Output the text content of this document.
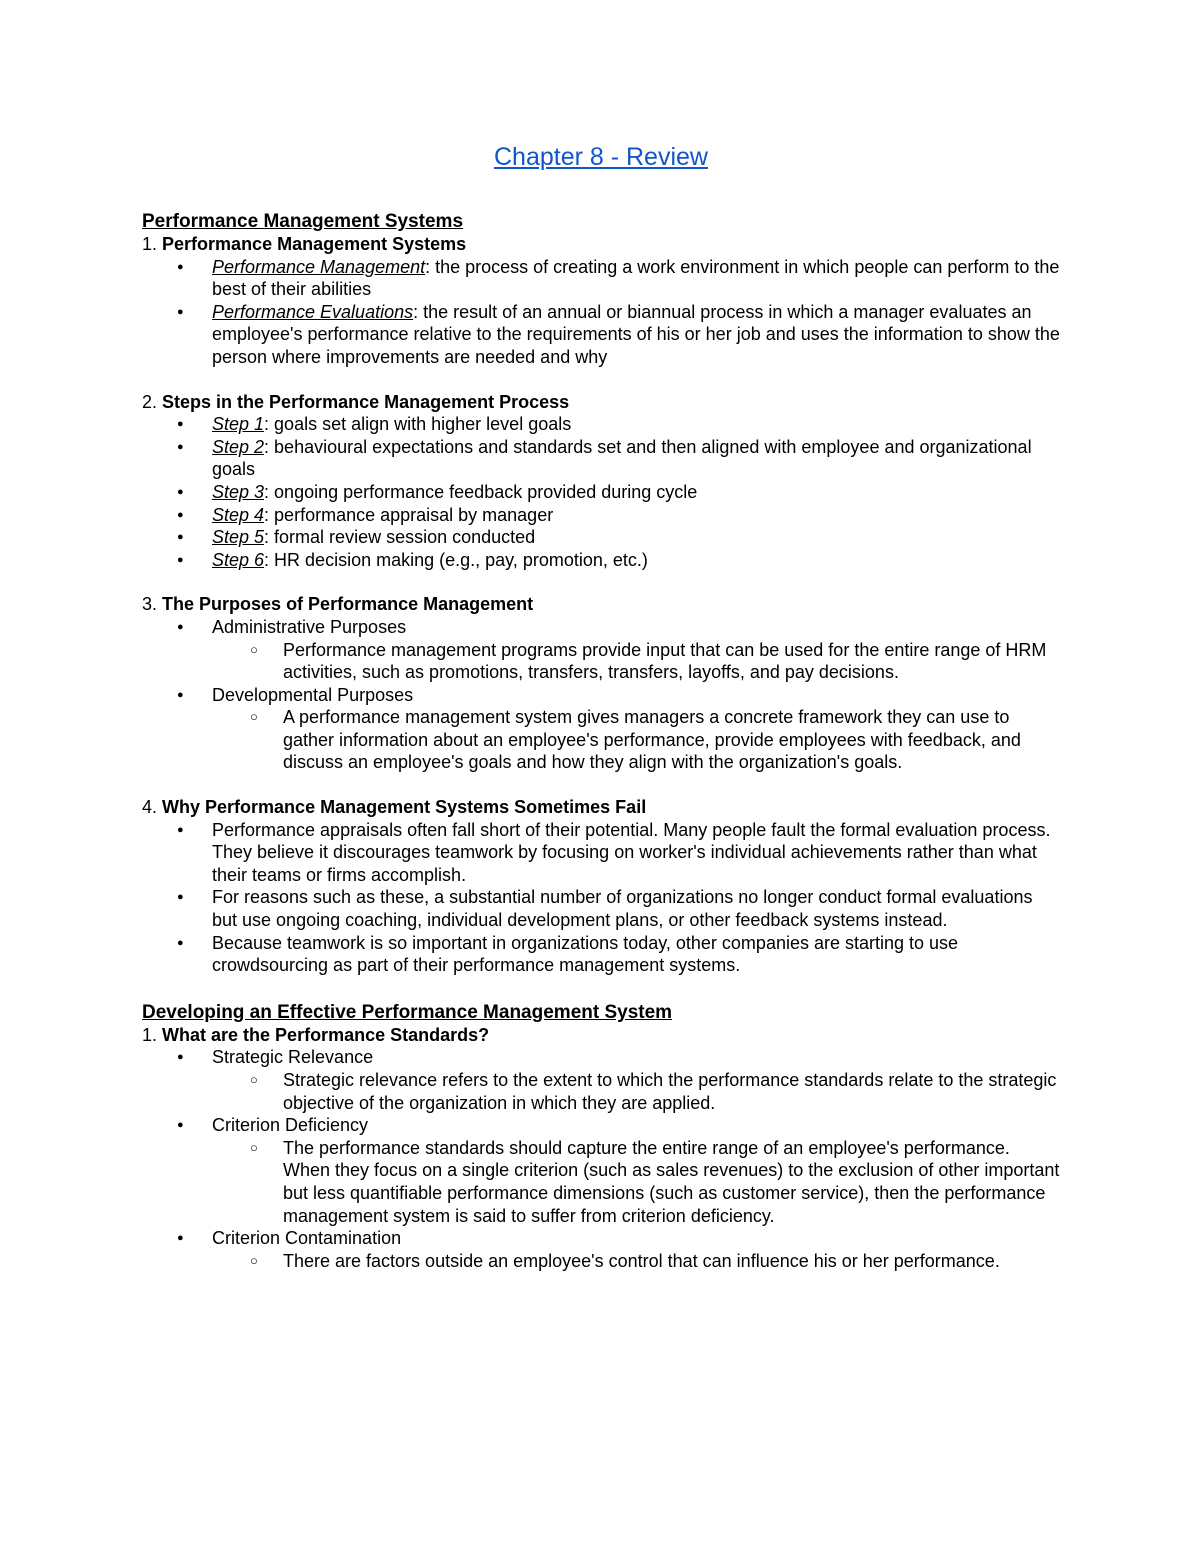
Chapter 8 - Review

Performance Management Systems

1. Performance Management Systems

● Performance Management: the process of creating a work environment in which people can perform to the best of their abilities
● Performance Evaluations: the result of an annual or biannual process in which a manager evaluates an employee's performance relative to the requirements of his or her job and uses the information to show the person where improvements are needed and why

2. Steps in the Performance Management Process

● Step 1: goals set align with higher level goals
● Step 2: behavioural expectations and standards set and then aligned with employee and organizational goals
● Step 3: ongoing performance feedback provided during cycle
● Step 4: performance appraisal by manager
● Step 5: formal review session conducted
● Step 6: HR decision making (e.g., pay, promotion, etc.)

3. The Purposes of Performance Management

● Administrative Purposes
○ Performance management programs provide input that can be used for the entire range of HRM activities, such as promotions, transfers, transfers, layoffs, and pay decisions.
● Developmental Purposes
○ A performance management system gives managers a concrete framework they can use to gather information about an employee's performance, provide employees with feedback, and discuss an employee's goals and how they align with the organization's goals.

4. Why Performance Management Systems Sometimes Fail

● Performance appraisals often fall short of their potential. Many people fault the formal evaluation process. They believe it discourages teamwork by focusing on worker's individual achievements rather than what their teams or firms accomplish.
● For reasons such as these, a substantial number of organizations no longer conduct formal evaluations but use ongoing coaching, individual development plans, or other feedback systems instead.
● Because teamwork is so important in organizations today, other companies are starting to use crowdsourcing as part of their performance management systems.

Developing an Effective Performance Management System

1. What are the Performance Standards?

● Strategic Relevance
○ Strategic relevance refers to the extent to which the performance standards relate to the strategic objective of the organization in which they are applied.
● Criterion Deficiency
○ The performance standards should capture the entire range of an employee's performance. When they focus on a single criterion (such as sales revenues) to the exclusion of other important but less quantifiable performance dimensions (such as customer service), then the performance management system is said to suffer from criterion deficiency.
● Criterion Contamination
○ There are factors outside an employee's control that can influence his or her performance.
